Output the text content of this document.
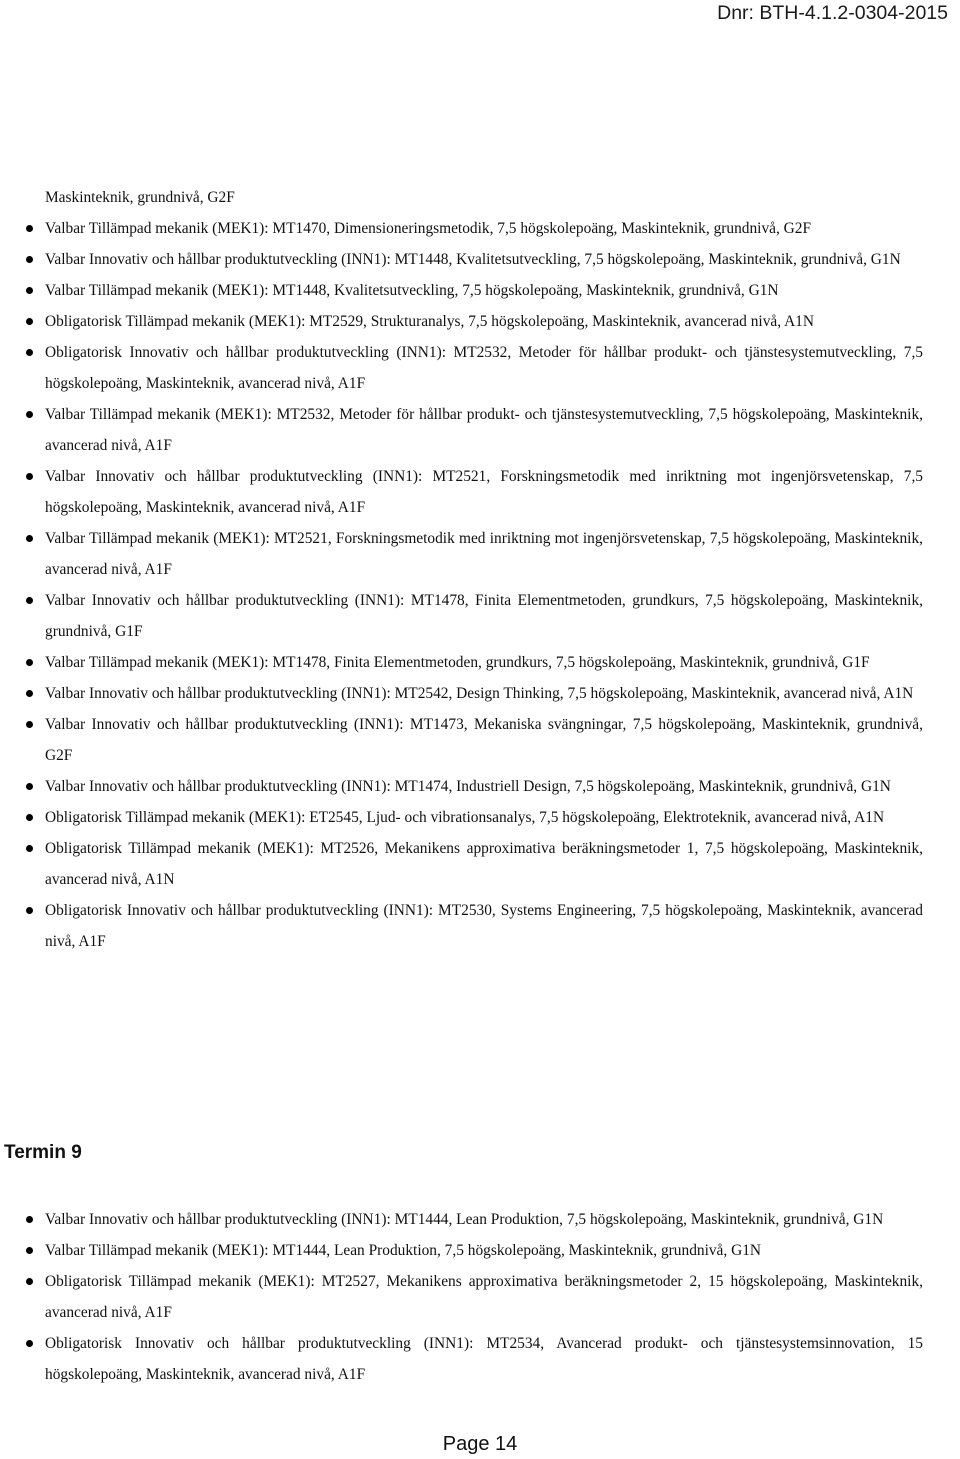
Dnr: BTH-4.1.2-0304-2015
Maskinteknik, grundnivå, G2F
Valbar Tillämpad mekanik (MEK1): MT1470, Dimensioneringsmetodik, 7,5 högskolepoäng, Maskinteknik, grundnivå, G2F
Valbar Innovativ och hållbar produktutveckling (INN1): MT1448, Kvalitetsutveckling, 7,5 högskolepoäng, Maskinteknik, grundnivå, G1N
Valbar Tillämpad mekanik (MEK1): MT1448, Kvalitetsutveckling, 7,5 högskolepoäng, Maskinteknik, grundnivå, G1N
Obligatorisk Tillämpad mekanik (MEK1): MT2529, Strukturanalys, 7,5 högskolepoäng, Maskinteknik, avancerad nivå, A1N
Obligatorisk Innovativ och hållbar produktutveckling (INN1): MT2532, Metoder för hållbar produkt- och tjänstesystemutveckling, 7,5 högskolepoäng, Maskinteknik, avancerad nivå, A1F
Valbar Tillämpad mekanik (MEK1): MT2532, Metoder för hållbar produkt- och tjänstesystemutveckling, 7,5 högskolepoäng, Maskinteknik, avancerad nivå, A1F
Valbar Innovativ och hållbar produktutveckling (INN1): MT2521, Forskningsmetodik med inriktning mot ingenjörsvetenskap, 7,5 högskolepoäng, Maskinteknik, avancerad nivå, A1F
Valbar Tillämpad mekanik (MEK1): MT2521, Forskningsmetodik med inriktning mot ingenjörsvetenskap, 7,5 högskolepoäng, Maskinteknik, avancerad nivå, A1F
Valbar Innovativ och hållbar produktutveckling (INN1): MT1478, Finita Elementmetoden, grundkurs, 7,5 högskolepoäng, Maskinteknik, grundnivå, G1F
Valbar Tillämpad mekanik (MEK1): MT1478, Finita Elementmetoden, grundkurs, 7,5 högskolepoäng, Maskinteknik, grundnivå, G1F
Valbar Innovativ och hållbar produktutveckling (INN1): MT2542, Design Thinking, 7,5 högskolepoäng, Maskinteknik, avancerad nivå, A1N
Valbar Innovativ och hållbar produktutveckling (INN1): MT1473, Mekaniska svängningar, 7,5 högskolepoäng, Maskinteknik, grundnivå, G2F
Valbar Innovativ och hållbar produktutveckling (INN1): MT1474, Industriell Design, 7,5 högskolepoäng, Maskinteknik, grundnivå, G1N
Obligatorisk Tillämpad mekanik (MEK1): ET2545, Ljud- och vibrationsanalys, 7,5 högskolepoäng, Elektroteknik, avancerad nivå, A1N
Obligatorisk Tillämpad mekanik (MEK1): MT2526, Mekanikens approximativa beräkningsmetoder 1, 7,5 högskolepoäng, Maskinteknik, avancerad nivå, A1N
Obligatorisk Innovativ och hållbar produktutveckling (INN1): MT2530, Systems Engineering, 7,5 högskolepoäng, Maskinteknik, avancerad nivå, A1F
Termin 9
Valbar Innovativ och hållbar produktutveckling (INN1): MT1444, Lean Produktion, 7,5 högskolepoäng, Maskinteknik, grundnivå, G1N
Valbar Tillämpad mekanik (MEK1): MT1444, Lean Produktion, 7,5 högskolepoäng, Maskinteknik, grundnivå, G1N
Obligatorisk Tillämpad mekanik (MEK1): MT2527, Mekanikens approximativa beräkningsmetoder 2, 15 högskolepoäng, Maskinteknik, avancerad nivå, A1F
Obligatorisk Innovativ och hållbar produktutveckling (INN1): MT2534, Avancerad produkt- och tjänstesystemsinnovation, 15 högskolepoäng, Maskinteknik, avancerad nivå, A1F
Page 14
